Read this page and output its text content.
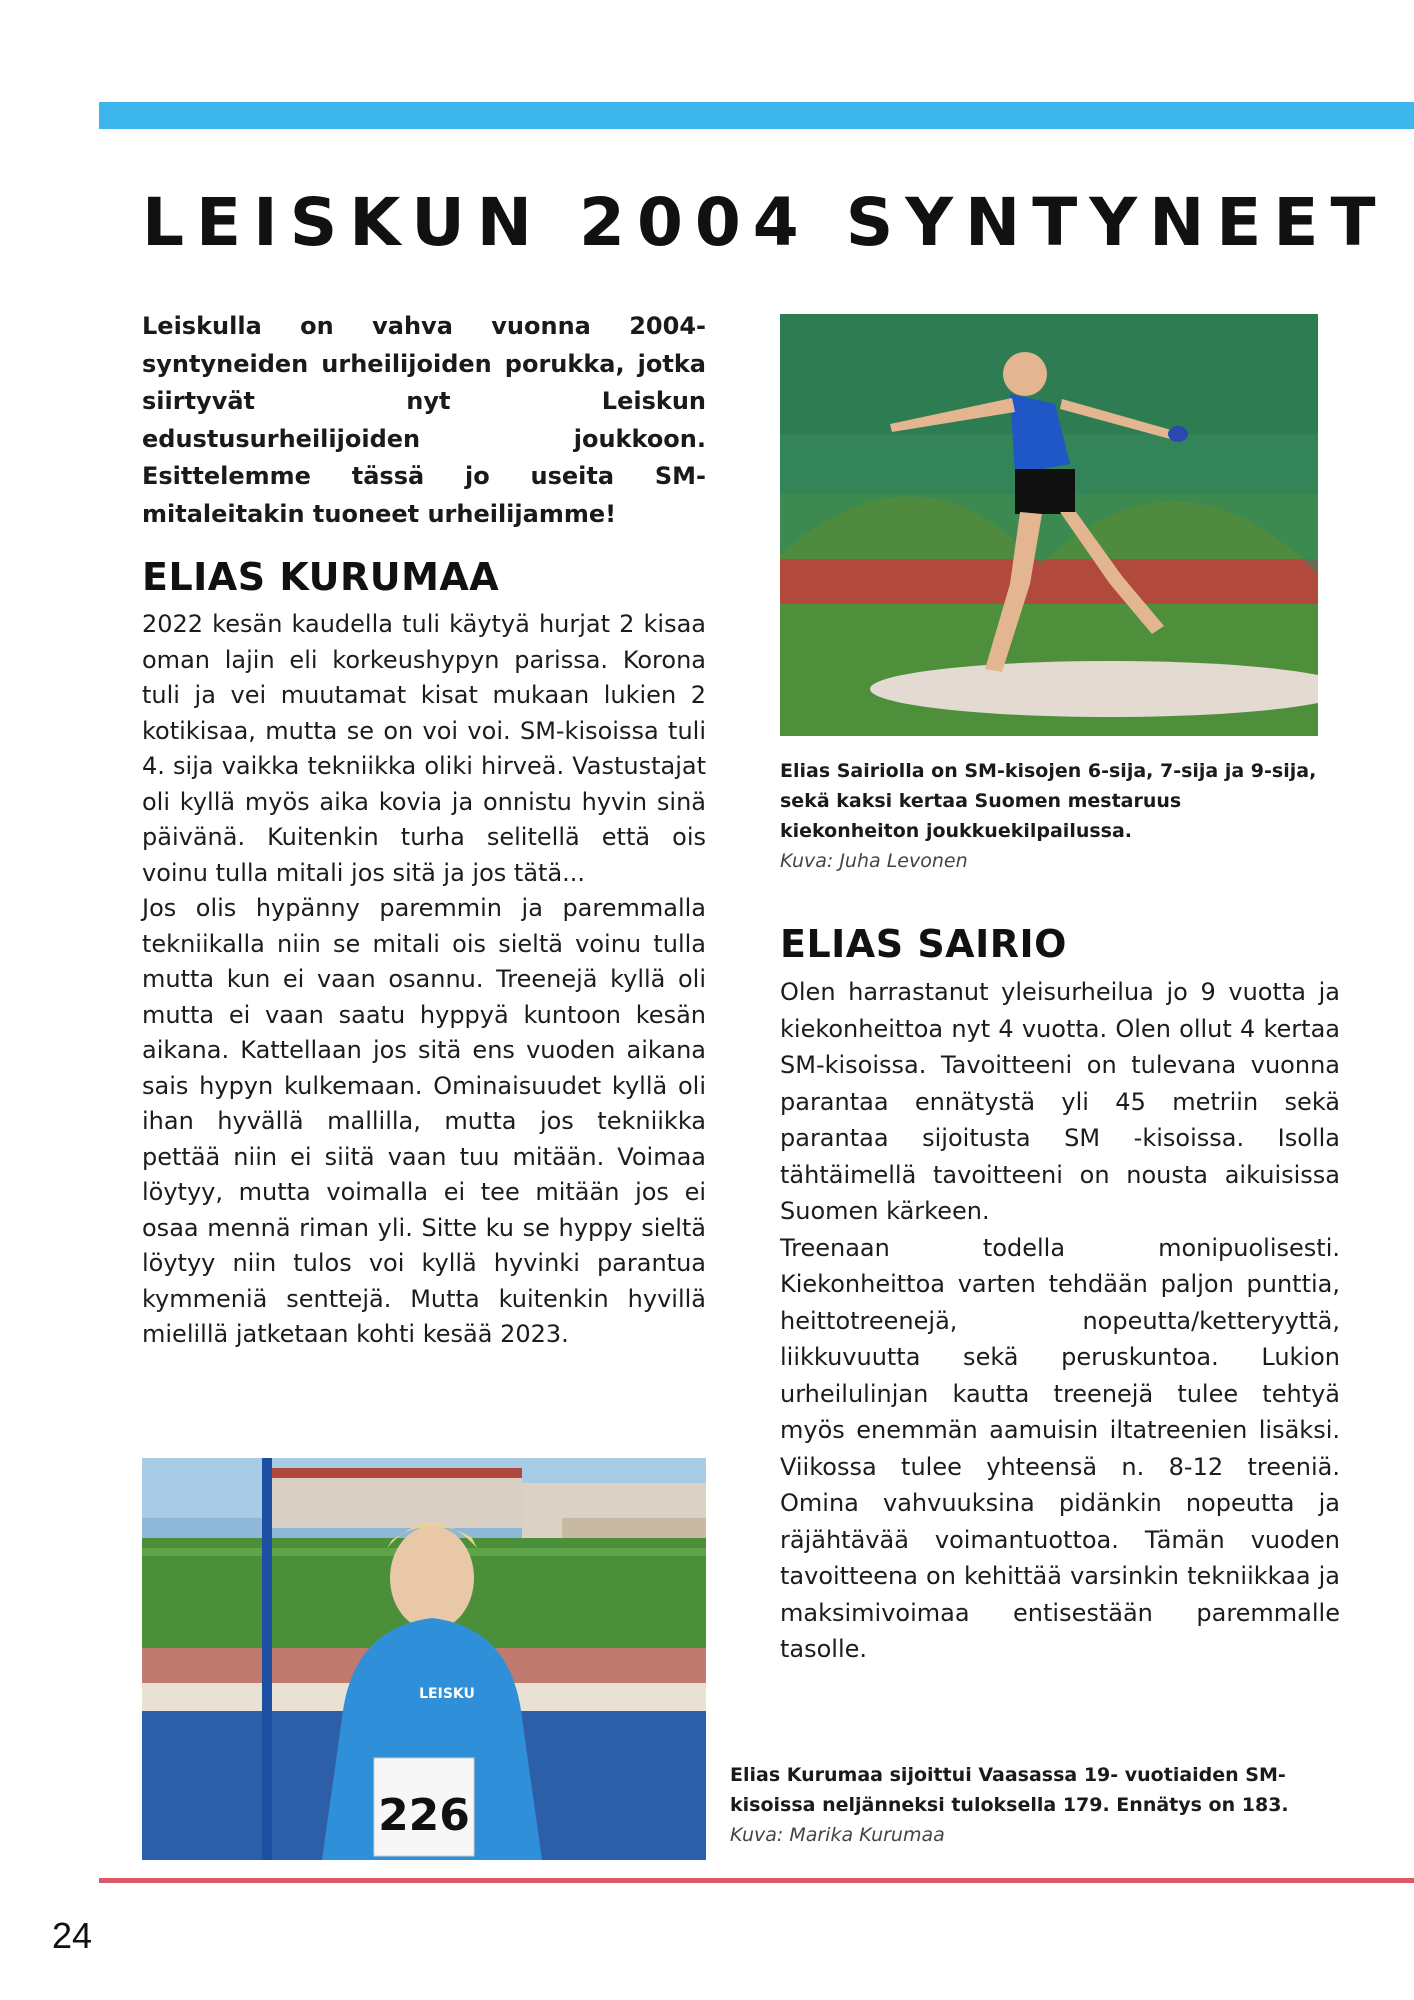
LEISKUN 2004 SYNTYNEET

Leiskulla on vahva vuonna 2004-syntyneiden urheilijoiden porukka, jotka siirtyvät nyt Leiskun edustusurheilijoiden joukkoon. Esittelemme tässä jo useita SM-mitaleitakin tuoneet urheilijamme!

ELIAS KURUMAA

2022 kesän kaudella tuli käytyä hurjat 2 kisaa oman lajin eli korkeushypyn parissa. Korona tuli ja vei muutamat kisat mukaan lukien 2 kotikisaa, mutta se on voi voi. SM-kisoissa tuli 4. sija vaikka tekniikka oliki hirveä. Vastustajat oli kyllä myös aika kovia ja onnistu hyvin sinä päivänä. Kuitenkin turha selitellä että ois voinu tulla mitali jos sitä ja jos tätä...
Jos olis hypänny paremmin ja paremmalla tekniikalla niin se mitali ois sieltä voinu tulla mutta kun ei vaan osannu. Treenejä kyllä oli mutta ei vaan saatu hyppyä kuntoon kesän aikana. Kattellaan jos sitä ens vuoden aikana sais hypyn kulkemaan. Ominaisuudet kyllä oli ihan hyvällä mallilla, mutta jos tekniikka pettää niin ei siitä vaan tuu mitään. Voimaa löytyy, mutta voimalla ei tee mitään jos ei osaa mennä riman yli. Sitte ku se hyppy sieltä löytyy niin tulos voi kyllä hyvinki parantua kymmeniä senttejä. Mutta kuitenkin hyvillä mielillä jatketaan kohti kesää 2023.

226
LEISKU
Elias Kurumaa sijoittui Vaasassa 19- vuotiaiden SM-kisoissa neljänneksi tuloksella 179. Ennätys on 183. Kuva: Marika Kurumaa
Elias Sairiolla on SM-kisojen 6-sija, 7-sija ja 9-sija, sekä kaksi kertaa Suomen mestaruus kiekonheiton joukkuekilpailussa.
Kuva: Juha Levonen
ELIAS SAIRIO

Olen harrastanut yleisurheilua jo 9 vuotta ja kiekonheittoa nyt 4 vuotta. Olen ollut 4 kertaa SM-kisoissa. Tavoitteeni on tulevana vuonna parantaa ennätystä yli 45 metriin sekä parantaa sijoitusta SM -kisoissa. Isolla tähtäimellä tavoitteeni on nousta aikuisissa Suomen kärkeen.
Treenaan todella monipuolisesti. Kiekonheittoa varten tehdään paljon punttia, heittotreenejä, nopeutta/ketteryyttä, liikkuvuutta sekä peruskuntoa. Lukion urheilulinjan kautta treenejä tulee tehtyä myös enemmän aamuisin iltatreenien lisäksi. Viikossa tulee yhteensä n. 8-12 treeniä. Omina vahvuuksina pidänkin nopeutta ja räjähtävää voimantuottoa. Tämän vuoden tavoitteena on kehittää varsinkin tekniikkaa ja maksimivoimaa entisestään paremmalle tasolle.

24
